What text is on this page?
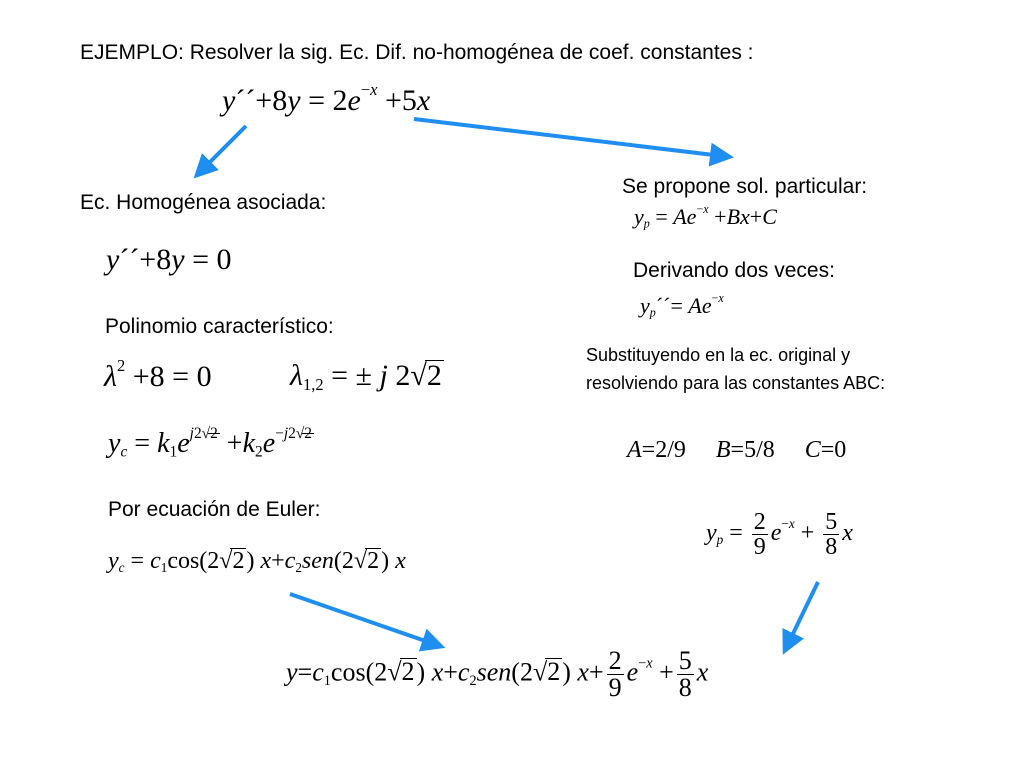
EJEMPLO: Resolver la sig. Ec. Dif. no-homogénea de coef. constantes :
y´´+8y = $2e^{-x} +5x$
Ec. Homogénea asociada:
y´´+8y = 0
Polinomio característico:
$\lambda^2 +8 = 0$	$\lambda_{1,2}$ = ± j 2√2
$y_c = k_1e^{j2√2} +k_2e^{-j2√2}$
Por ecuación de Euler:
$y_c = c_1\cos(2√2)$ $x+c_2sen(2√2)$ x
Se propone sol. particular:
$y_p = Ae^{-x} +Bx+C$
Derivando dos veces:
$y_p´´= Ae^{-x}$
Substituyendo en la ec. original y
resolviendo para las constantes ABC:
A=2/9     B=5/8     C=0
$y_p = \frac{2}{9} e^{-x} + \frac{5}{8}$ x
$y=c_1\cos(2√2)$ $x+c_2sen(2√2)$ $x+ \frac{2}{9} e^{-x} + \frac{5}{8}$ x
